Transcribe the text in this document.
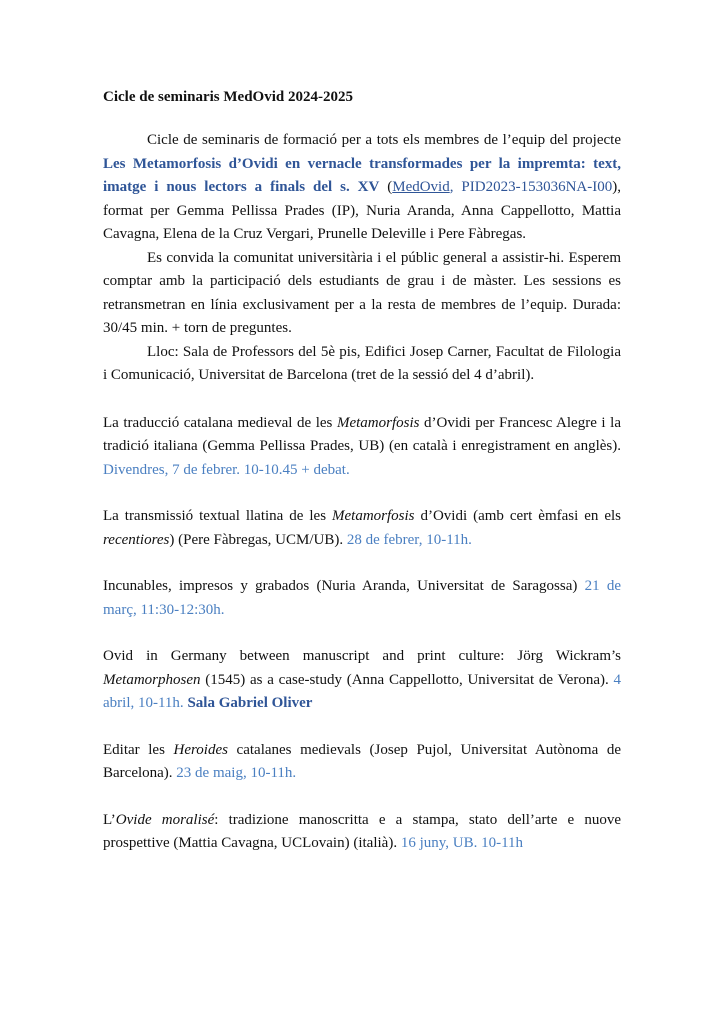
Cicle de seminaris MedOvid 2024-2025

Cicle de seminaris de formació per a tots els membres de l’equip del projecte Les Metamorfosis d’Ovidi en vernacle transformades per la impremta: text, imatge i nous lectors a finals del s. XV (MedOvid, PID2023-153036NA-I00), format per Gemma Pellissa Prades (IP), Nuria Aranda, Anna Cappellotto, Mattia Cavagna, Elena de la Cruz Vergari, Prunelle Deleville i Pere Fàbregas.

Es convida la comunitat universitària i el públic general a assistir-hi. Esperem comptar amb la participació dels estudiants de grau i de màster. Les sessions es retransmetran en línia exclusivament per a la resta de membres de l’equip. Durada: 30/45 min. + torn de preguntes.

Lloc: Sala de Professors del 5è pis, Edifici Josep Carner, Facultat de Filologia i Comunicació, Universitat de Barcelona (tret de la sessió del 4 d’abril).

La traducció catalana medieval de les Metamorfosis d’Ovidi per Francesc Alegre i la tradició italiana (Gemma Pellissa Prades, UB) (en català i enregistrament en anglès). Divendres, 7 de febrer. 10-10.45 + debat.

La transmissió textual llatina de les Metamorfosis d’Ovidi (amb cert èmfasi en els recentiores) (Pere Fàbregas, UCM/UB). 28 de febrer, 10-11h.

Incunables, impresos y grabados (Nuria Aranda, Universitat de Saragossa) 21 de març, 11:30-12:30h.

Ovid in Germany between manuscript and print culture: Jörg Wickram’s Metamorphosen (1545) as a case-study (Anna Cappellotto, Universitat de Verona). 4 abril, 10-11h. Sala Gabriel Oliver

Editar les Heroides catalanes medievals (Josep Pujol, Universitat Autònoma de Barcelona). 23 de maig, 10-11h.

L’Ovide moralisé: tradizione manoscritta e a stampa, stato dell’arte e nuove prospettive (Mattia Cavagna, UCLovain) (italià). 16 juny, UB. 10-11h
